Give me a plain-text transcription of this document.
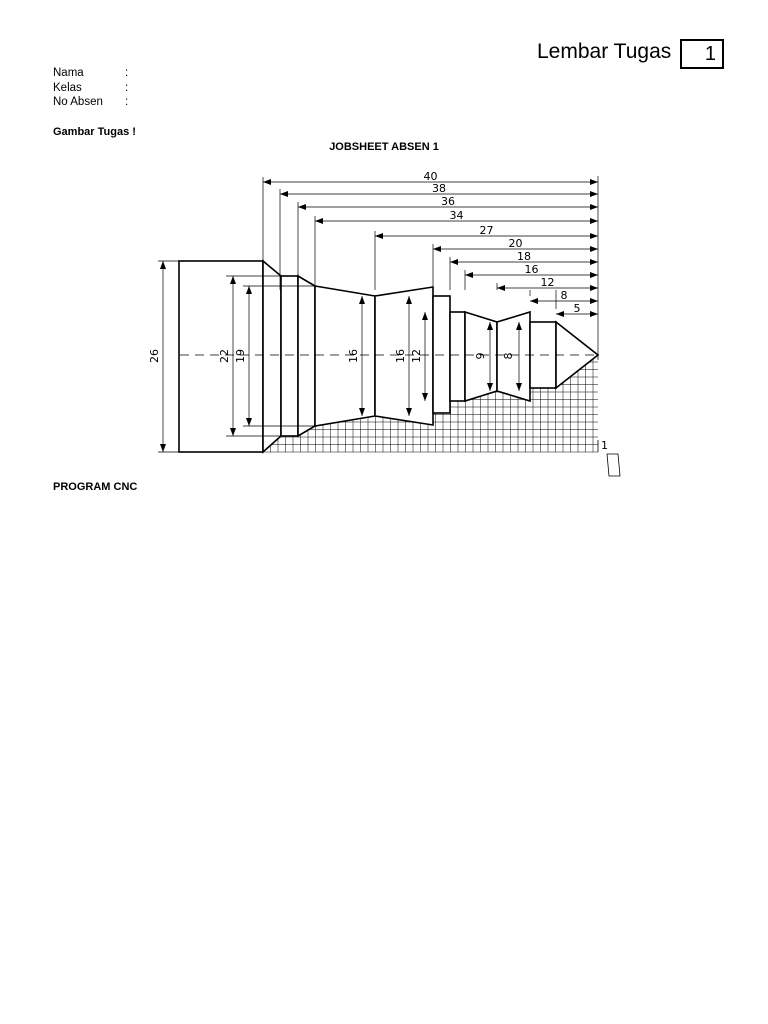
Lembar Tugas	1
Nama	:
Kelas	:
No Absen	:
Gambar Tugas !
JOBSHEET ABSEN 1
PROGRAM CNC
40
38
36
34
27
20
18
16
12
8
5
26	22 19	16	16 12	9 8
1
